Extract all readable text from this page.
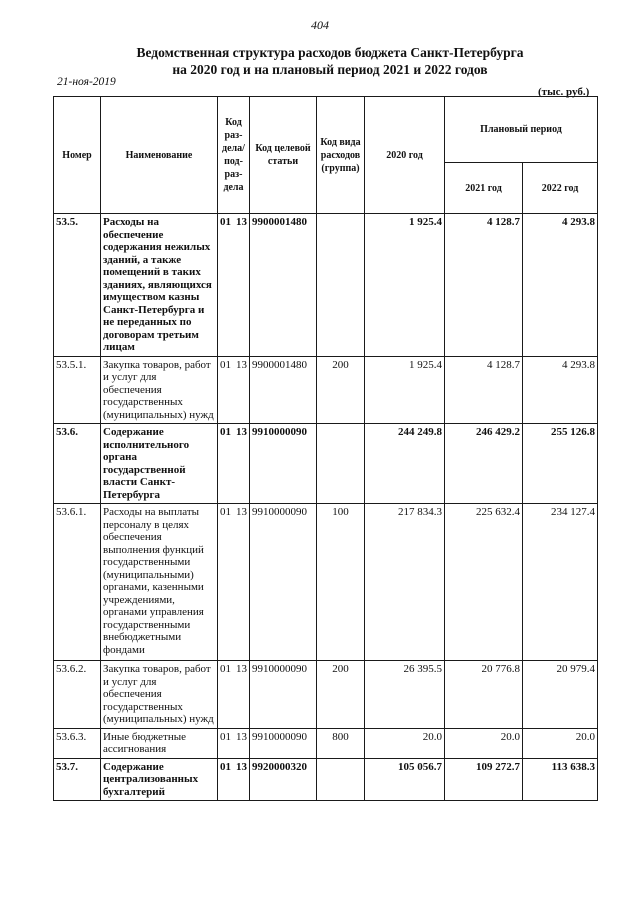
404
Ведомственная структура расходов бюджета Санкт-Петербурга
на 2020 год и на плановый период 2021 и 2022 годов
21-ноя-2019
(тыс. руб.)
Номер	Наименование	Код раз-дела/ под-раз-дела	Код целевой статьи	Код вида расходов (группа)	2020 год	Плановый период	
						2021 год	2022 год
53.5.	Расходы на обеспечение содержания нежилых зданий, а также помещений в таких зданиях, являющихся имуществом казны Санкт-Петербурга и не переданных по договорам третьим лицам	01 13	9900001480		1 925.4	4 128.7	4 293.8
53.5.1.	Закупка товаров, работ и услуг для обеспечения государственных (муниципальных) нужд	01 13	9900001480	200	1 925.4	4 128.7	4 293.8
53.6.	Содержание исполнительного органа государственной власти Санкт-Петербурга	01 13	9910000090		244 249.8	246 429.2	255 126.8
53.6.1.	Расходы на выплаты персоналу в целях обеспечения выполнения функций государственными (муниципальными) органами, казенными учреждениями, органами управления государственными внебюджетными фондами	01 13	9910000090	100	217 834.3	225 632.4	234 127.4
53.6.2.	Закупка товаров, работ и услуг для обеспечения государственных (муниципальных) нужд	01 13	9910000090	200	26 395.5	20 776.8	20 979.4
53.6.3.	Иные бюджетные ассигнования	01 13	9910000090	800	20.0	20.0	20.0
53.7.	Содержание централизованных бухгалтерий	01 13	9920000320		105 056.7	109 272.7	113 638.3
